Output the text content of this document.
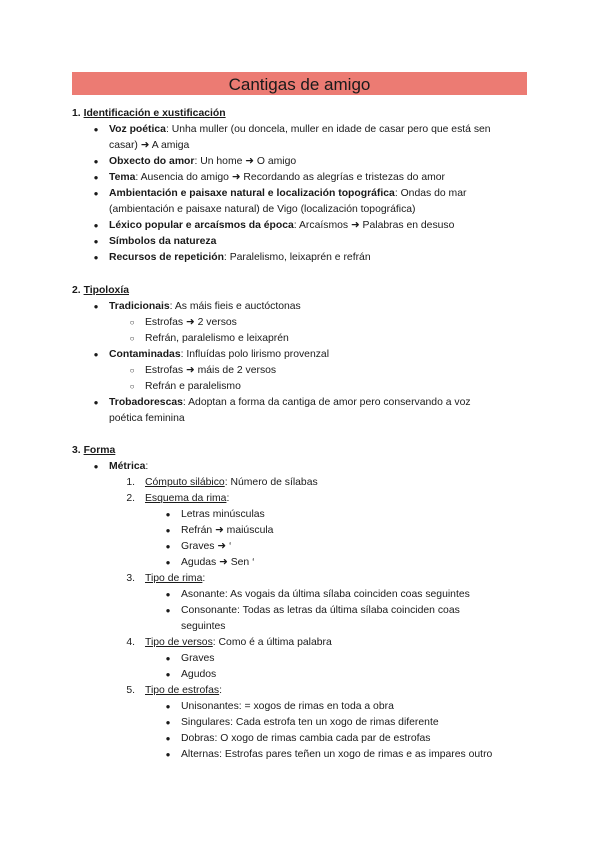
Cantigas de amigo
1. Identificación e xustificación
●	Voz poética: Unha muller (ou doncela, muller en idade de casar pero que está sen
casar) ➜ A amiga
●	Obxecto do amor: Un home ➜ O amigo
●	Tema: Ausencia do amigo ➜ Recordando as alegrías e tristezas do amor
●	Ambientación e paisaxe natural e localización topográfica: Ondas do mar
(ambientación e paisaxe natural) de Vigo (localización topográfica)
●	Léxico popular e arcaísmos da época: Arcaísmos ➜ Palabras en desuso
●	Símbolos da natureza
●	Recursos de repetición: Paralelismo, leixaprén e refrán
2. Tipoloxía
●	Tradicionais: As máis fieis e auctóctonas
○	Estrofas ➜ 2 versos
○	Refrán, paralelismo e leixaprén
●	Contaminadas: Influídas polo lirismo provenzal
○	Estrofas ➜ máis de 2 versos
○	Refrán e paralelismo
●	Trobadorescas: Adoptan a forma da cantiga de amor pero conservando a voz
poética feminina
3. Forma
●	Métrica:
1. Cómputo silábico: Número de sílabas
2. Esquema da rima:
●	Letras minúsculas
●	Refrán ➜ maiúscula
●	Graves ➜ ‘
●	Agudas ➜ Sen ‘
3. Tipo de rima:
●	Asonante: As vogais da última sílaba coinciden coas seguintes
●	Consonante: Todas as letras da última sílaba coinciden coas
seguintes
4. Tipo de versos: Como é a última palabra
●	Graves
●	Agudos
5. Tipo de estrofas:
●	Unisonantes: = xogos de rimas en toda a obra
●	Singulares: Cada estrofa ten un xogo de rimas diferente
●	Dobras: O xogo de rimas cambia cada par de estrofas
●	Alternas: Estrofas pares teñen un xogo de rimas e as impares outro
